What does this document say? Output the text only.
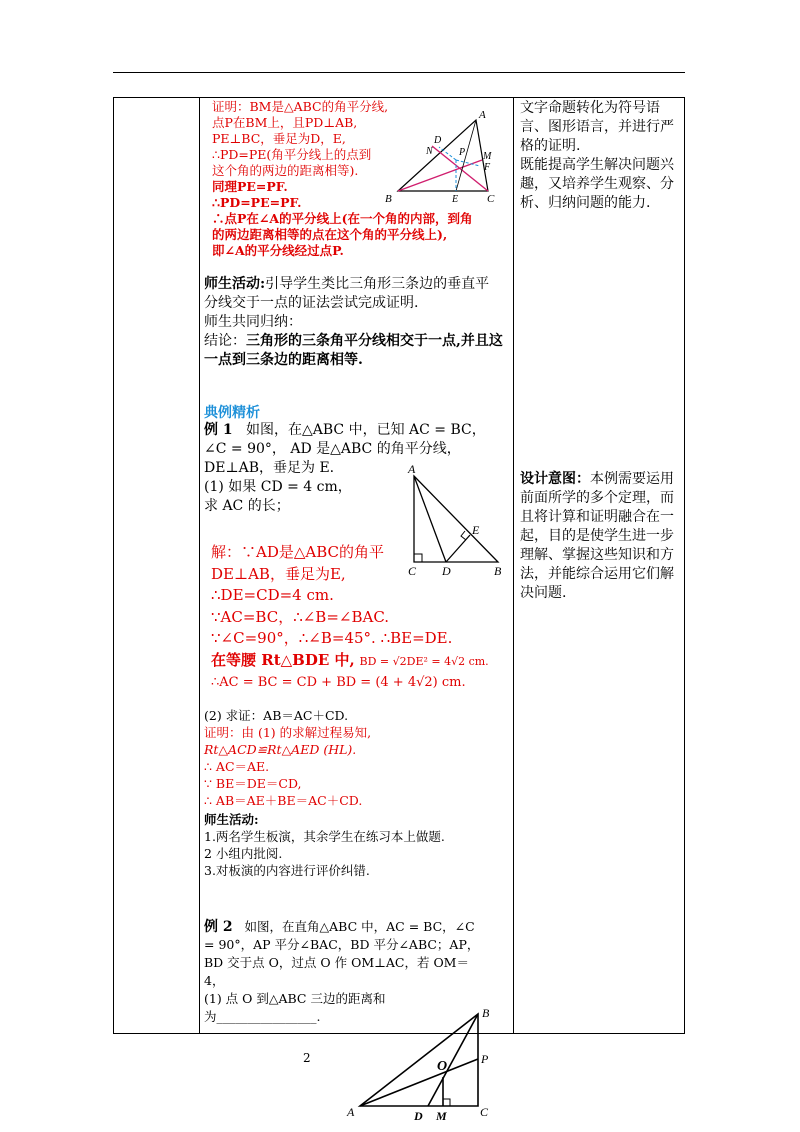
证明：BM是△ABC的角平分线,
点P在BM上，且PD⊥AB,
PE⊥BC，垂足为D，E,
∴PD=PE(角平分线上的点到
这个角的两边的距离相等).
同理PE=PF.
∴PD=PE=PF.
∴点P在∠A的平分线上(在一个角的内部，到角
的两边距离相等的点在这个角的平分线上),
即∠A的平分线经过点P.
A
B	C
D
E
N	P M
F
师生活动:引导学生类比三角形三条边的垂直平
分线交于一点的证法尝试完成证明.
师生共同归纳：
结论：三角形的三条角平分线相交于一点,并且这
一点到三条边的距离相等.
典例精析
例 1 如图，在△ABC 中，已知 AC = BC，
∠C = 90°， AD 是△ABC 的角平分线，
DE⊥AB，垂足为 E.
(1) 如果 CD = 4 cm，
求 AC 的长；
A
C D	B
E
解：∵AD是△ABC的角平
DE⊥AB，垂足为E,
∴DE=CD=4 cm.
∵AC=BC，∴∠B=∠BAC.
∵∠C=90°，∴∠B=45°. ∴BE=DE.
在等腰 Rt△BDE 中, BD = √2DE² = 4√2 cm.
∴AC = BC = CD + BD = (4 + 4√2) cm.
(2) 求证：AB＝AC＋CD.
证明：由 (1) 的求解过程易知,
Rt△ACD≌Rt△AED (HL).
∴ AC＝AE.
∵ BE＝DE＝CD,
∴ AB＝AE＋BE＝AC＋CD.
师生活动:
1.两名学生板演，其余学生在练习本上做题.
2 小组内批阅.
3.对板演的内容进行评价纠错.
例 2 如图，在直角△ABC 中，AC = BC，∠C
= 90°，AP 平分∠BAC，BD 平分∠ABC；AP，
BD 交于点 O，过点 O 作 OM⊥AC，若 OM＝
4，
(1) 点 O 到△ABC 三边的距离和
为________________.	B
P
O
A	D M	C
文字命题转化为符号语
言、图形语言，并进行严
格的证明.
既能提高学生解决问题兴
趣，又培养学生观察、分
析、归纳问题的能力.
设计意图：本例需要运用
前面所学的多个定理，而
且将计算和证明融合在一
起，目的是使学生进一步
理解、掌握这些知识和方
法，并能综合运用它们解
决问题.
2
